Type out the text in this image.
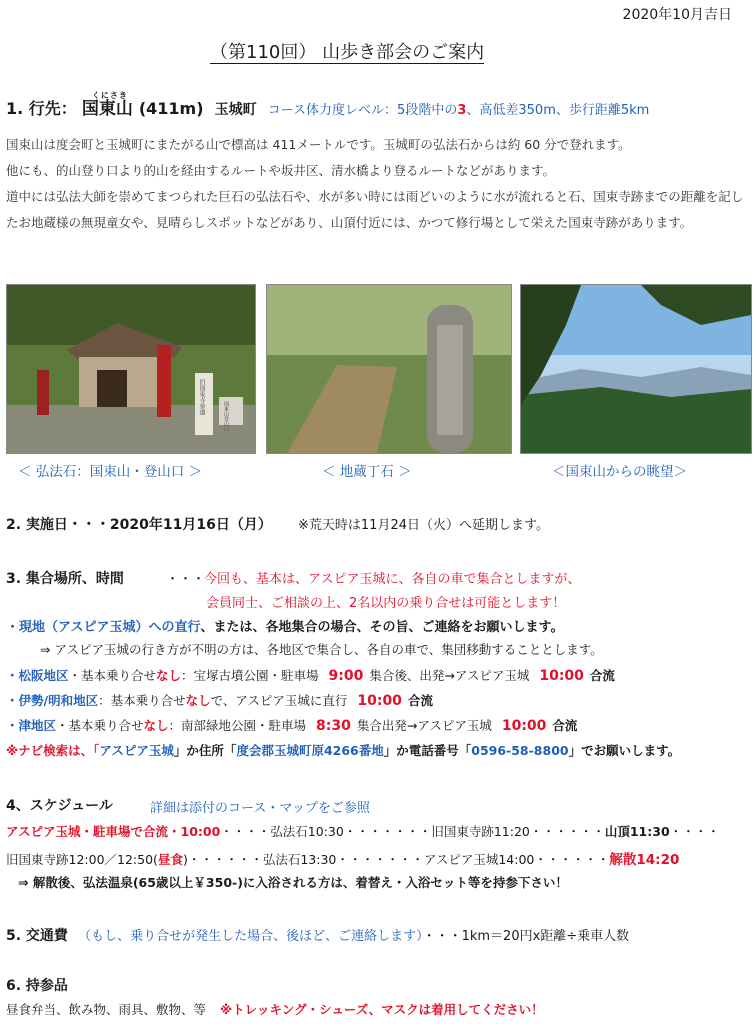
2020年10月吉日
（第110回） 山歩き部会のご案内
1. 行先：
くにさき
国東山 (411m) 玉城町 コース体力度レベル：5段階中の3、高低差350m、歩行距離5km
国束山は度会町と玉城町にまたがる山で標高は 411メートルです。玉城町の弘法石からは約 60 分で登れます。
他にも、的山登り口より的山を経由するルートや坂井区、清水橋より登るルートなどがあります。
道中には弘法大師を崇めてまつられた巨石の弘法石や、水が多い時には雨どいのように水が流れると石、国束寺跡までの距離を記したお地蔵様の無現童女や、見晴らしスポットなどがあり、山頂付近には、かつて修行場として栄えた国束寺跡があります。
旧国東寺参道
国東山登山口
＜ 弘法石：国束山・登山口 ＞	＜ 地蔵丁石 ＞	＜国束山からの眺望＞
2. 実施日・・・2020年11月16日（月） ※荒天時は11月24日（火）へ延期します。
3. 集合場所、時間	・・・
今回も、基本は、アスピア玉城に、各自の車で集合としますが、
会員同士、ご相談の上、2名以内の乗り合せは可能とします！
・現地（アスピア玉城）への直行、または、各地集合の場合、その旨、ご連絡をお願いします。
⇒ アスピア玉城の行き方が不明の方は、各地区で集合し、各自の車で、集団移動することとします。
・松阪地区・基本乗り合せなし：宝塚古墳公園・駐車場 9:00 集合後、出発→アスピア玉城 10:00 合流
・伊勢/明和地区：基本乗り合せなしで、アスピア玉城に直行 10:00 合流
・津地区・基本乗り合せなし：南部緑地公園・駐車場 8:30 集合出発→アスピア玉城 10:00 合流
※ナビ検索は、「アスピア玉城」か住所「度会郡玉城町原4266番地」か電話番号「0596-58-8800」でお願いします。
4、スケジュール	詳細は添付のコース・マップをご参照
アスピア玉城・駐車場で合流・10:00・・・・弘法石10:30・・・・・・・旧国東寺跡11:20・・・・・・山頂11:30・・・・
旧国東寺跡12:00／12:50(昼食)・・・・・・弘法石13:30・・・・・・・アスピア玉城14:00・・・・・・解散14:20
⇒ 解散後、弘法温泉(65歳以上￥350-)に入浴される方は、着替え・入浴セット等を持参下さい！
5. 交通費 （もし、乗り合せが発生した場合、後ほど、ご連絡します）・・・1km＝20円x距離÷乗車人数
6. 持参品
昼食弁当、飲み物、雨具、敷物、等 ※トレッキング・シューズ、マスクは着用してください！
